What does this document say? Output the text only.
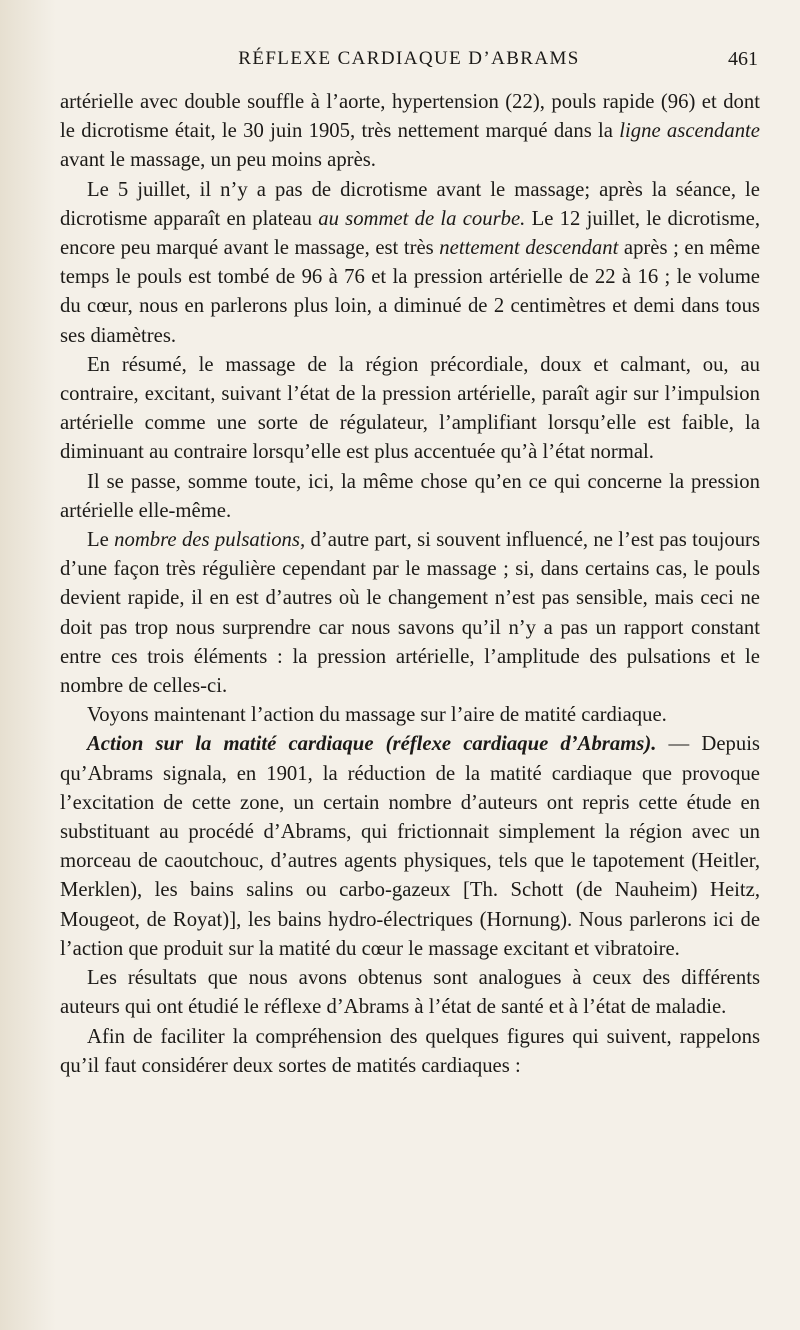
RÉFLEXE CARDIAQUE D’ABRAMS	461

artérielle avec double souffle à l’aorte, hypertension (22), pouls rapide (96) et dont le dicrotisme était, le 30 juin 1905, très nettement marqué dans la ligne ascendante avant le massage, un peu moins après.

Le 5 juillet, il n’y a pas de dicrotisme avant le massage; après la séance, le dicrotisme apparaît en plateau au sommet de la courbe. Le 12 juillet, le dicrotisme, encore peu marqué avant le massage, est très nettement descendant après ; en même temps le pouls est tombé de 96 à 76 et la pression artérielle de 22 à 16 ; le volume du cœur, nous en parlerons plus loin, a diminué de 2 centimètres et demi dans tous ses diamètres.

En résumé, le massage de la région précordiale, doux et calmant, ou, au contraire, excitant, suivant l’état de la pression artérielle, paraît agir sur l’impulsion artérielle comme une sorte de régulateur, l’amplifiant lorsqu’elle est faible, la diminuant au contraire lorsqu’elle est plus accentuée qu’à l’état normal.

Il se passe, somme toute, ici, la même chose qu’en ce qui concerne la pression artérielle elle-même.

Le nombre des pulsations, d’autre part, si souvent influencé, ne l’est pas toujours d’une façon très régulière cependant par le massage ; si, dans certains cas, le pouls devient rapide, il en est d’autres où le changement n’est pas sensible, mais ceci ne doit pas trop nous surprendre car nous savons qu’il n’y a pas un rapport constant entre ces trois éléments : la pression artérielle, l’amplitude des pulsations et le nombre de celles-ci.

Voyons maintenant l’action du massage sur l’aire de matité cardiaque.

Action sur la matité cardiaque (réflexe cardiaque d’Abrams). — Depuis qu’Abrams signala, en 1901, la réduction de la matité cardiaque que provoque l’excitation de cette zone, un certain nombre d’auteurs ont repris cette étude en substituant au procédé d’Abrams, qui frictionnait simplement la région avec un morceau de caoutchouc, d’autres agents physiques, tels que le tapotement (Heitler, Merklen), les bains salins ou carbo-gazeux [Th. Schott (de Nauheim) Heitz, Mougeot, de Royat)], les bains hydro-électriques (Hornung). Nous parlerons ici de l’action que produit sur la matité du cœur le massage excitant et vibratoire.

Les résultats que nous avons obtenus sont analogues à ceux des différents auteurs qui ont étudié le réflexe d’Abrams à l’état de santé et à l’état de maladie.

Afin de faciliter la compréhension des quelques figures qui suivent, rappelons qu’il faut considérer deux sortes de matités cardiaques :
